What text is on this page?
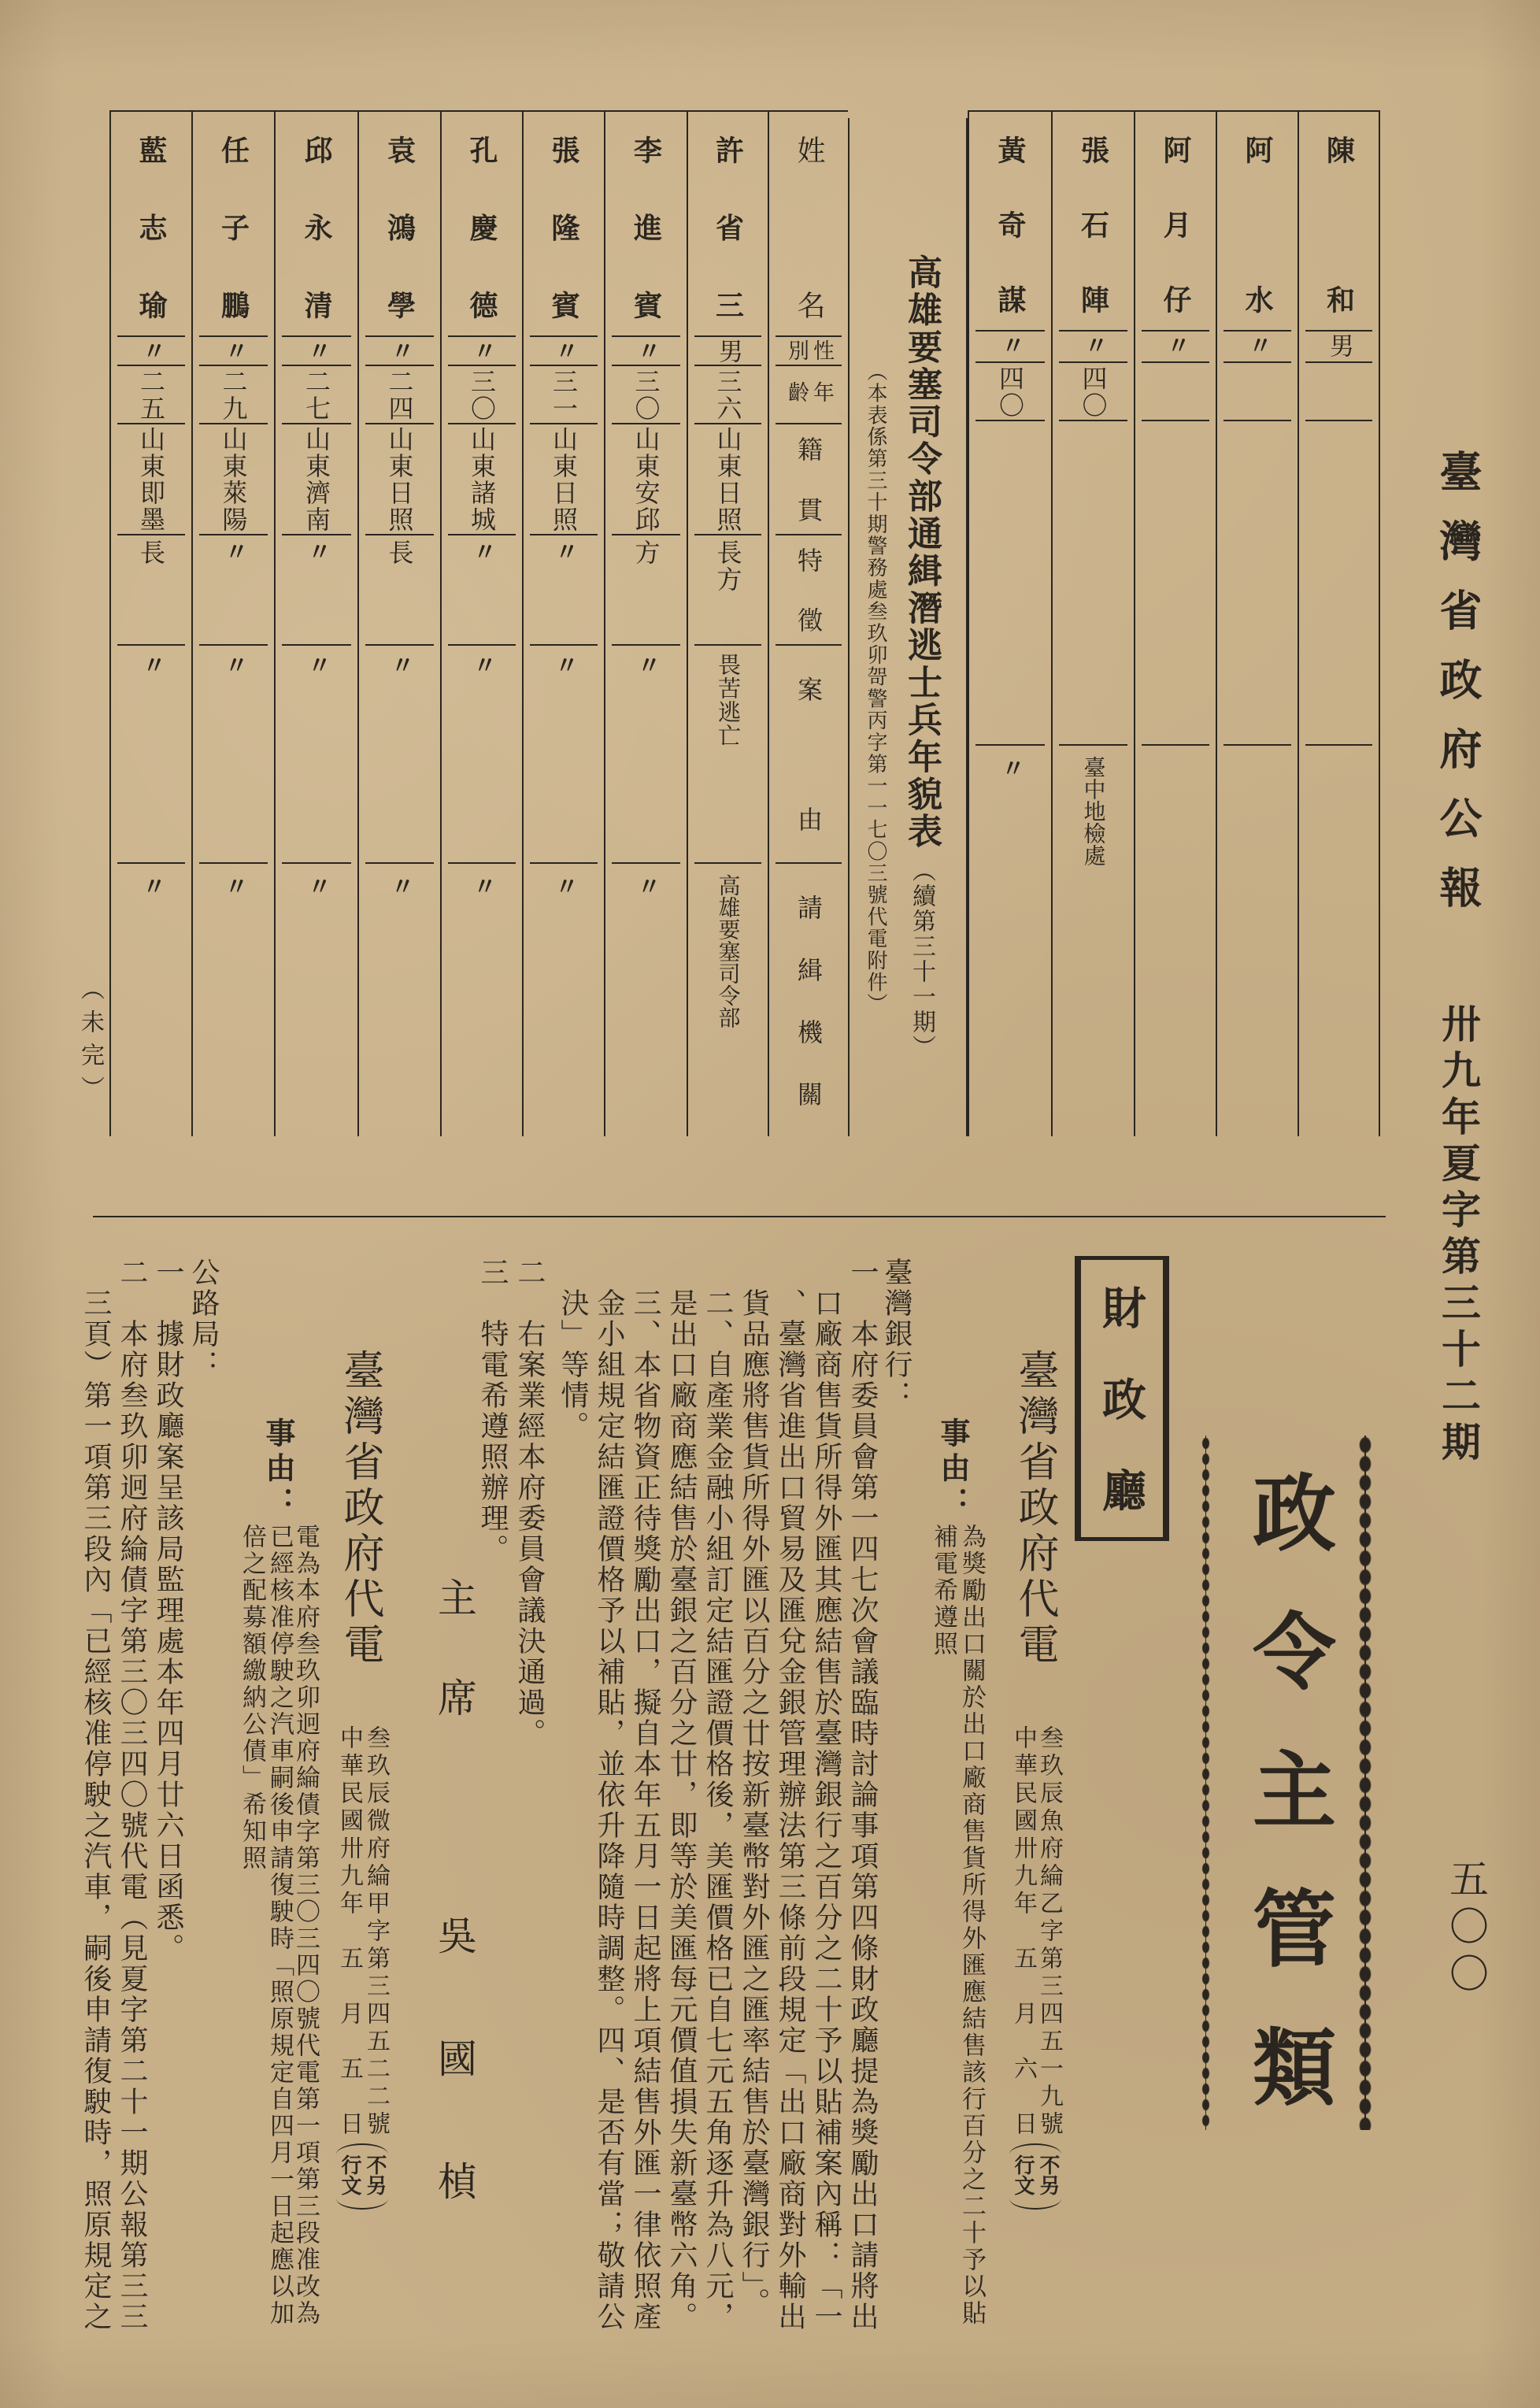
臺灣省政府公報
卅九年夏字第三十二期
五〇〇
陳和
男
阿水
〃
阿月仔
〃
張石陣
〃
四〇
臺中地檢處
黃奇謀
〃
四〇
〃
高雄要塞司令部通緝潛逃士兵年貌表
（續第三十一期）
（本表係第三十期警務處叁玖卯哿警丙字第一一七〇三號代電附件）
姓名
性
別
年
齡
籍貫
特徵
案由
請緝機關
許省三
男
三六
山東日照
長方
畏苦逃亡
高雄要塞司令部
李進賓
〃
三〇
山東安邱
方
〃
〃
張隆賓
〃
三一
山東日照
〃
〃
〃
孔慶德
〃
三〇
山東諸城
〃
〃
〃
袁鴻學
〃
二四
山東日照
長
〃
〃
邱永清
〃
二七
山東濟南
〃
〃
〃
任子鵬
〃
二九
山東萊陽
〃
〃
〃
藍志瑜
〃
二五
山東即墨
長
〃
〃
（未完）
政令主管類
財政廳
臺灣省政府代電
叁玖辰魚府綸乙字第三四五一九號
中華民國卅九年　五　月　六　日
不另
行文
事由：
為獎勵出口關於出口廠商售貨所得外匯應結售該行百分之二十予以貼
補電希遵照
臺灣銀行：
一　本府委員會第一四七次會議臨時討論事項第四條財政廳提為獎勵出口請將出
　口廠商售貨所得外匯其應結售於臺灣銀行之百分之二十予以貼補案內稱：「一
　、臺灣省進出口貿易及匯兌金銀管理辦法第三條前段規定「出口廠商對外輸出
　貨品應將售貨所得外匯以百分之廿按新臺幣對外匯之匯率結售於臺灣銀行」。
　二、自產業金融小組訂定結匯證價格後，美匯價格已自七元五角逐升為八元，
　是出口廠商應結售於臺銀之百分之廿，即等於美匯每元價值損失新臺幣六角。
　三、本省物資正待獎勵出口，擬自本年五月一日起將上項結售外匯一律依照產
　金小組規定結匯證價格予以補貼，並依升降隨時調整。四、是否有當；敬請公
　決」等情。
二　右案業經本府委員會議決通過。
三　特電希遵照辦理。
主席
吳國楨
臺灣省政府代電
叁玖辰微府綸甲字第三四五二二號
中華民國卅九年　五　月　五　日
不另
行文
事由：
電為本府叁玖卯迥府綸債字第三〇三四〇號代電第一項第三段准改為
已經核准停駛之汽車嗣後申請復駛時「照原規定自四月一日起應以加
倍之配募額繳納公債」希知照
公路局：
一　據財政廳案呈該局監理處本年四月廿六日函悉。
二　本府叁玖卯迥府綸債字第三〇三四〇號代電（見夏字第二十一期公報第三三
　三頁）第一項第三段內「已經核准停駛之汽車，嗣後申請復駛時，照原規定之
